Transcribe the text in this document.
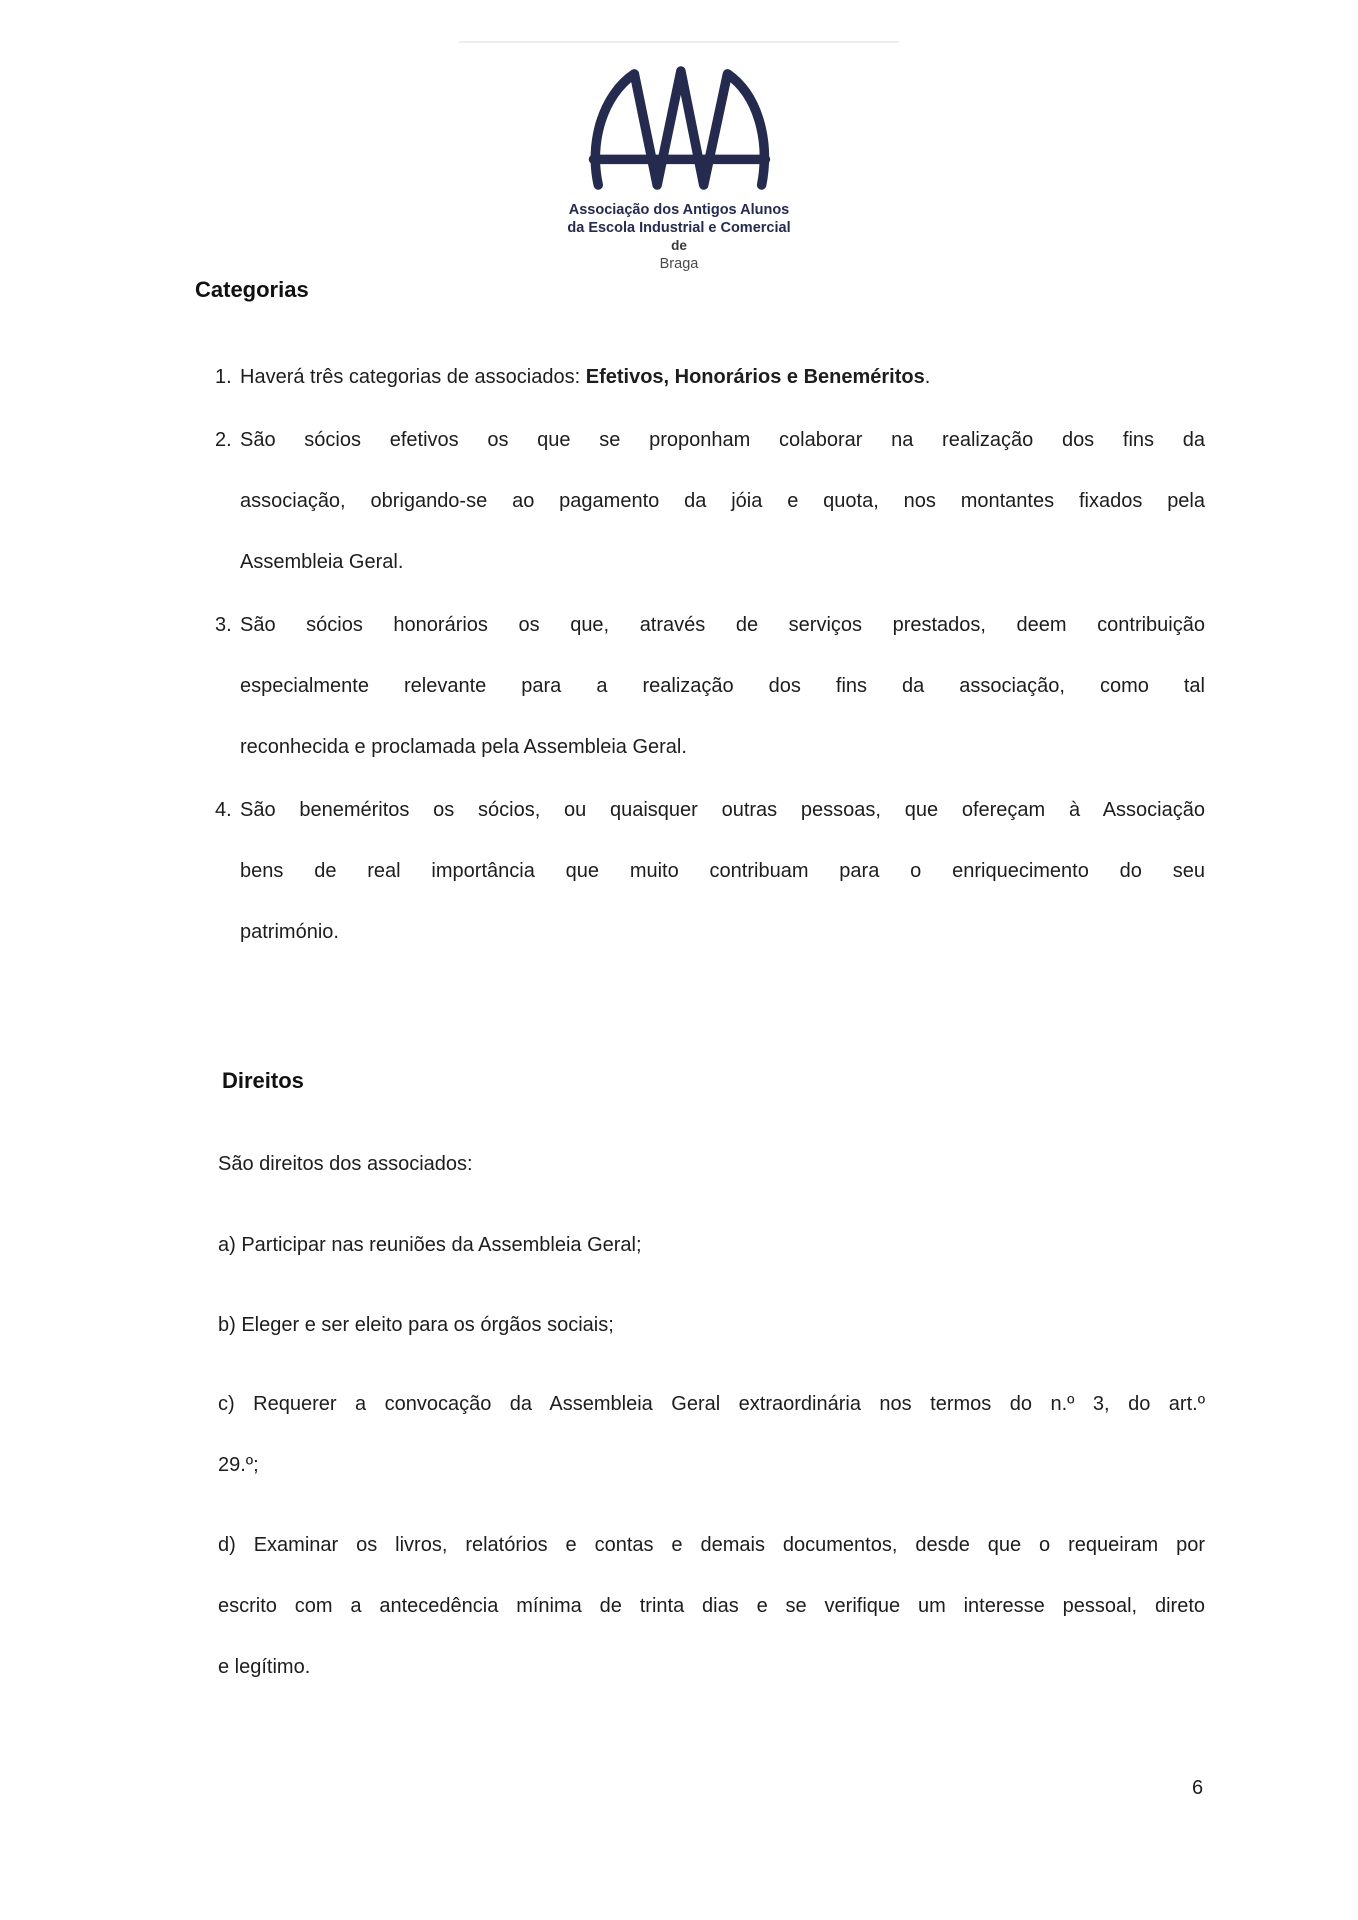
Associação dos Antigos Alunos
da Escola Industrial e Comercial
de
Braga
Categorias
1. Haverá três categorias de associados: Efetivos, Honorários e Beneméritos.
2. São sócios efetivos os que se proponham colaborar na realização dos fins da
associação, obrigando-se ao pagamento da jóia e quota, nos montantes fixados pela
Assembleia Geral.
3. São sócios honorários os que, através de serviços prestados, deem contribuição
especialmente relevante para a realização dos fins da associação, como tal
reconhecida e proclamada pela Assembleia Geral.
4. São beneméritos os sócios, ou quaisquer outras pessoas, que ofereçam à Associação
bens de real importância que muito contribuam para o enriquecimento do seu
património.
Direitos
São direitos dos associados:
a) Participar nas reuniões da Assembleia Geral;
b) Eleger e ser eleito para os órgãos sociais;
c) Requerer a convocação da Assembleia Geral extraordinária nos termos do n.º 3, do art.º
29.º;
d) Examinar os livros, relatórios e contas e demais documentos, desde que o requeiram por
escrito com a antecedência mínima de trinta dias e se verifique um interesse pessoal, direto
e legítimo.
6
